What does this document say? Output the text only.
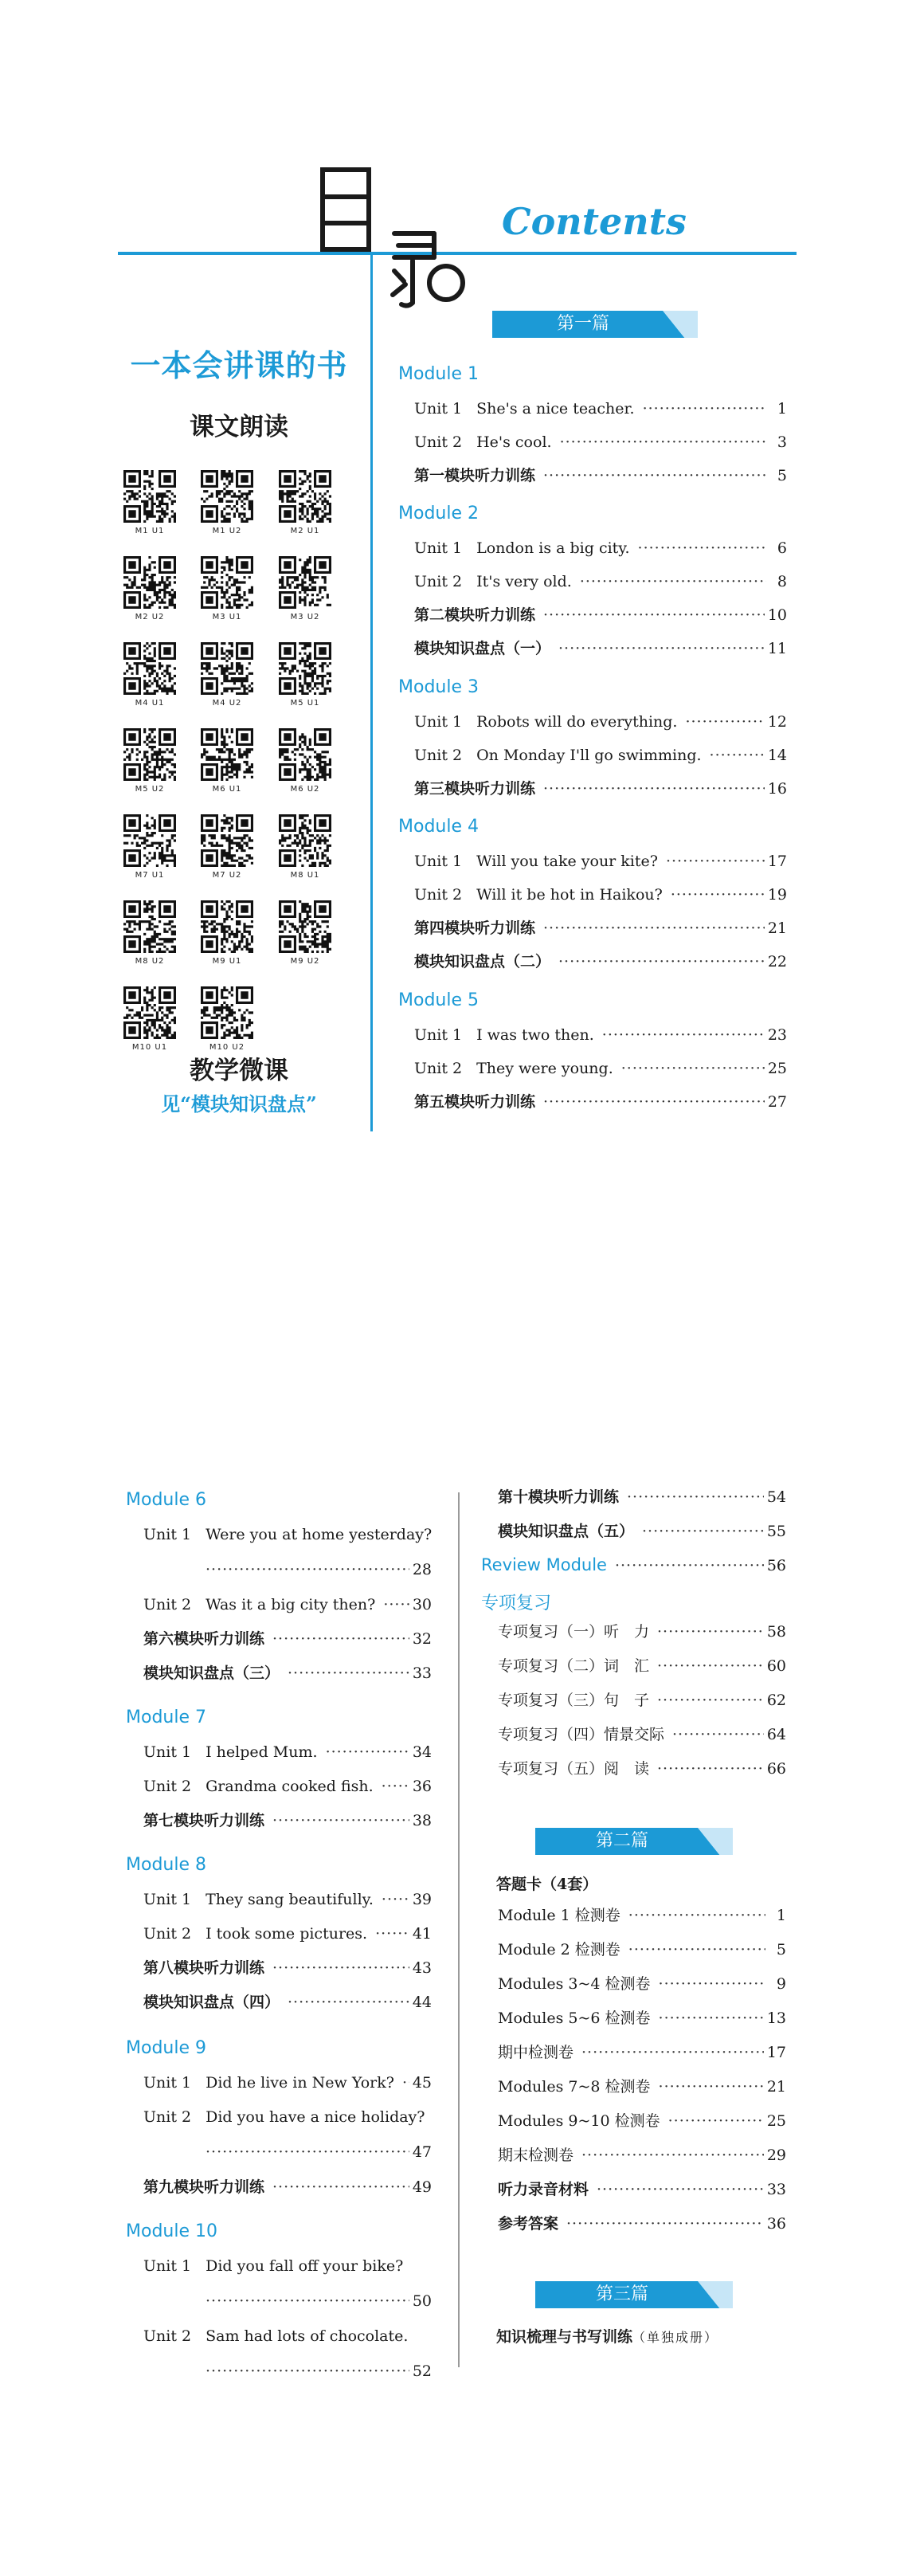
Contents
一本会讲课的书
课文朗读
M1 U1	M1 U2	M2 U1
M2 U2	M3 U1	M3 U2
M4 U1	M4 U2	M5 U1
M5 U2	M6 U1	M6 U2
M7 U1	M7 U2	M8 U1
M8 U2	M9 U1	M9 U2
M10 U1	M10 U2
教学微课
见“模块知识盘点”
第一篇
Module 1
Unit 1 She's a nice teacher. ·····	1
Unit 2 He's cool. ·····	3
第一模块听力训练 ·····	5
Module 2
Unit 1 London is a big city. ·····	6
Unit 2 It's very old. ·····	8
第二模块听力训练 ·····	10
模块知识盘点（一） ·····	11
Module 3
Unit 1 Robots will do everything. ·····	12
Unit 2 On Monday I'll go swimming. ·····	14
第三模块听力训练 ·····	16
Module 4
Unit 1 Will you take your kite? ·····	17
Unit 2 Will it be hot in Haikou? ·····	19
第四模块听力训练 ·····	21
模块知识盘点（二） ·····	22
Module 5
Unit 1 I was two then. ·····	23
Unit 2 They were young. ·····	25
第五模块听力训练 ·····	27
Module 6
Unit 1 Were you at home yesterday?
·····
28
Unit 2 Was it a big city then? ····· 30
第六模块听力训练 ·····	32
模块知识盘点（三） ·····	33
Module 7
Unit 1 I helped Mum. ·····	34
Unit 2 Grandma cooked fish. ·····	36
第七模块听力训练 ·····	38
Module 8
Unit 1 They sang beautifully. ·····	39
Unit 2 I took some pictures. ·····	41
第八模块听力训练 ·····	43
模块知识盘点（四） ·····	44
Module 9
Unit 1 Did he live in New York? ····· 45
Unit 2 Did you have a nice holiday?
·····
47
第九模块听力训练 ·····	49
Module 10
Unit 1 Did you fall off your bike?
·····
50
Unit 2 Sam had lots of chocolate.
·····
52
第十模块听力训练 ·····	54
模块知识盘点（五） ·····	55
Review Module ·····	56
专项复习
专项复习（一）听　力 ·····	58
专项复习（二）词　汇 ·····	60
专项复习（三）句　子 ·····	62
专项复习（四）情景交际 ·····	64
专项复习（五）阅　读 ·····	66
第二篇
答题卡（4套）
Module 1 检测卷 ·····	1
Module 2 检测卷 ·····	5
Modules 3~4 检测卷 ·····	9
Modules 5~6 检测卷 ·····	13
期中检测卷 ·····	17
Modules 7~8 检测卷 ·····	21
Modules 9~10 检测卷 ·····	25
期末检测卷 ·····	29
听力录音材料 ·····	33
参考答案 ·····	36
第三篇
知识梳理与书写训练（单独成册）
